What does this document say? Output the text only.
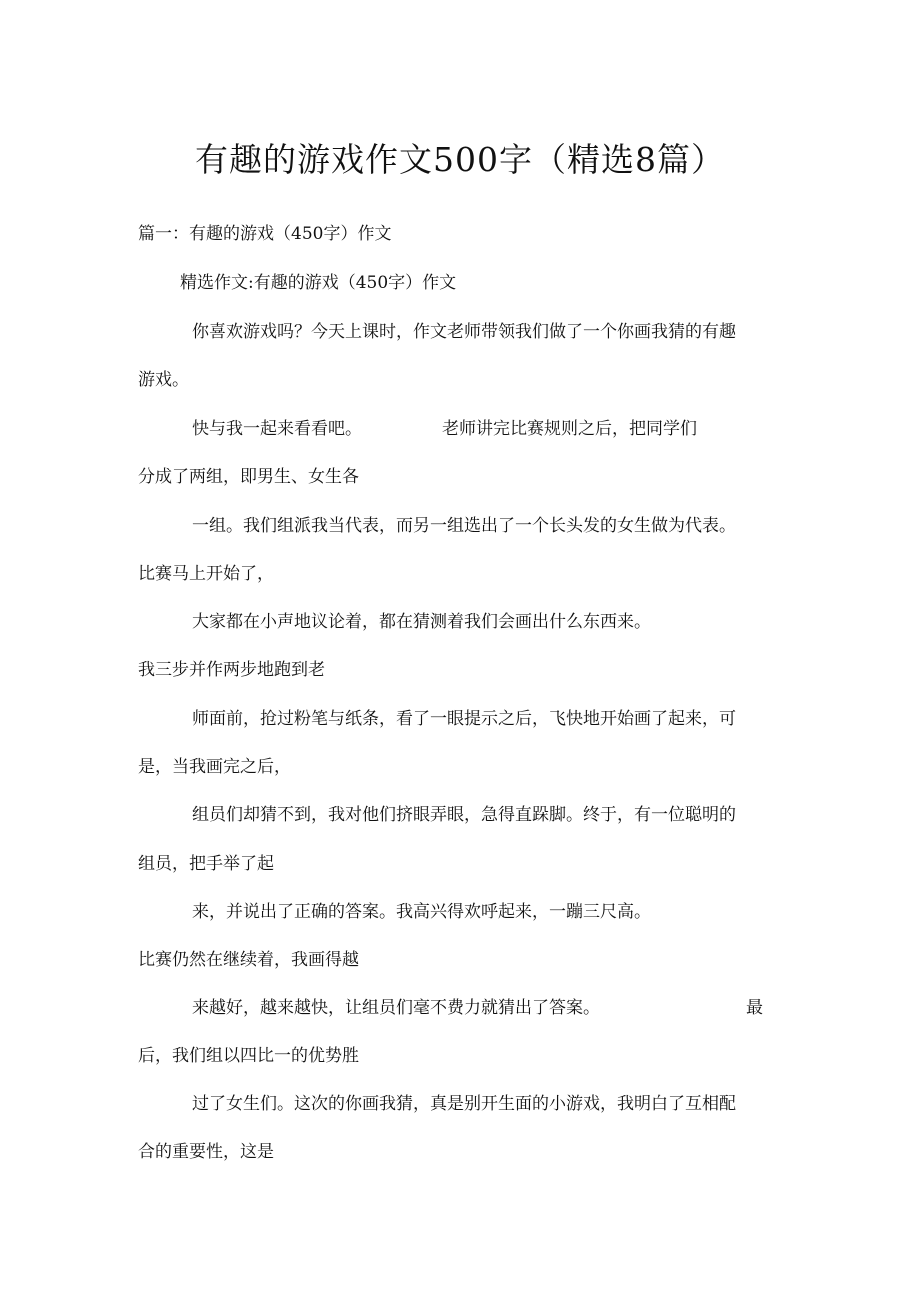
有趣的游戏作文500字（精选8篇）
篇一：有趣的游戏（450字）作文
精选作文:有趣的游戏（450字）作文
你喜欢游戏吗？今天上课时，作文老师带领我们做了一个你画我猜的有趣
游戏。
快与我一起来看看吧。	老师讲完比赛规则之后，把同学们
分成了两组，即男生、女生各
一组。我们组派我当代表，而另一组选出了一个长头发的女生做为代表。
比赛马上开始了，
大家都在小声地议论着，都在猜测着我们会画出什么东西来。
我三步并作两步地跑到老
师面前，抢过粉笔与纸条，看了一眼提示之后，飞快地开始画了起来，可
是，当我画完之后，
组员们却猜不到，我对他们挤眼弄眼，急得直跺脚。终于，有一位聪明的
组员，把手举了起
来，并说出了正确的答案。我高兴得欢呼起来，一蹦三尺高。
比赛仍然在继续着，我画得越
来越好，越来越快，让组员们毫不费力就猜出了答案。	最
后，我们组以四比一的优势胜
过了女生们。这次的你画我猜，真是别开生面的小游戏，我明白了互相配
合的重要性，这是
